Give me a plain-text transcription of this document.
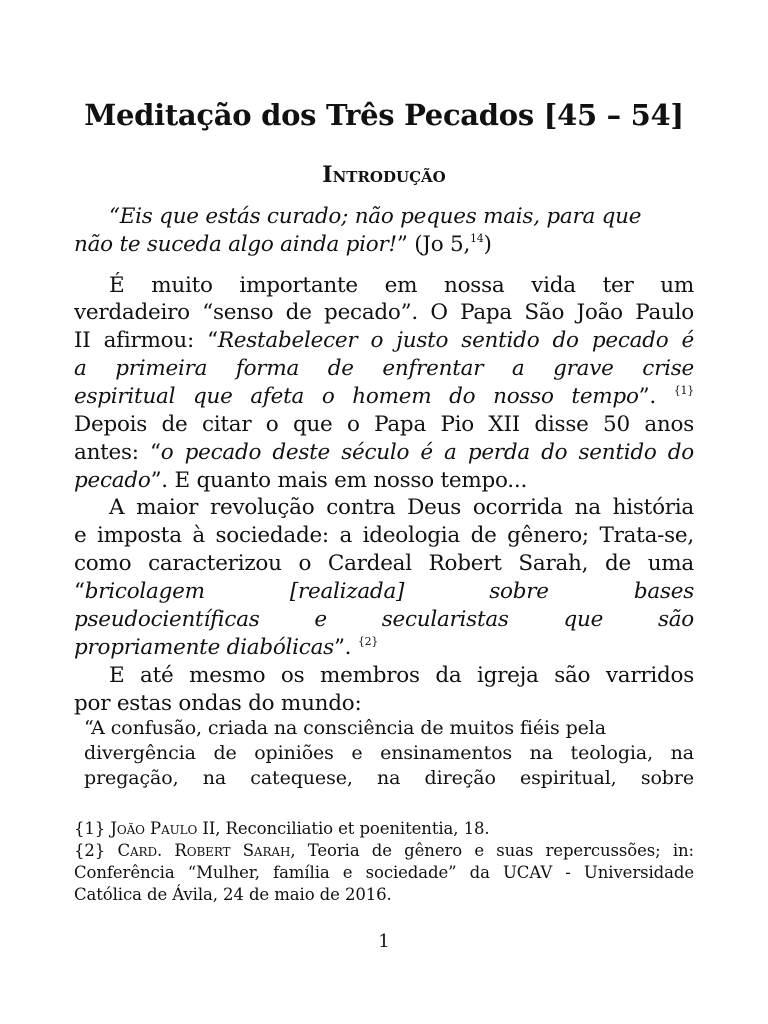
Meditação dos Três Pecados [45 – 54]
Introdução

“Eis que estás curado; não peques mais, para que

não te suceda algo ainda pior!” (Jo 5,14)

É muito importante em nossa vida ter um

verdadeiro “senso de pecado”. O Papa São João Paulo

II afirmou: “Restabelecer o justo sentido do pecado é

a primeira forma de enfrentar a grave crise

espiritual que afeta o homem do nosso tempo”. $^{\{1\}}$

Depois de citar o que o Papa Pio XII disse 50 anos

antes: “o pecado deste século é a perda do sentido do

pecado”. E quanto mais em nosso tempo...

A maior revolução contra Deus ocorrida na história

e imposta à sociedade: a ideologia de gênero; Trata-se,

como caracterizou o Cardeal Robert Sarah, de uma

“bricolagem [realizada] sobre bases

pseudocientíficas e secularistas que são

propriamente diabólicas”. $^{\{2\}}$

E até mesmo os membros da igreja são varridos

por estas ondas do mundo:

“A confusão, criada na consciência de muitos fiéis pela

divergência de opiniões e ensinamentos na teologia, na

pregação, na catequese, na direção espiritual, sobre

{1} João Paulo II, Reconciliatio et poenitentia, 18.

{2} Card. Robert Sarah, Teoria de gênero e suas repercussões; in:

Conferência “Mulher, família e sociedade” da UCAV - Universidade

Católica de Ávila, 24 de maio de 2016.

1
